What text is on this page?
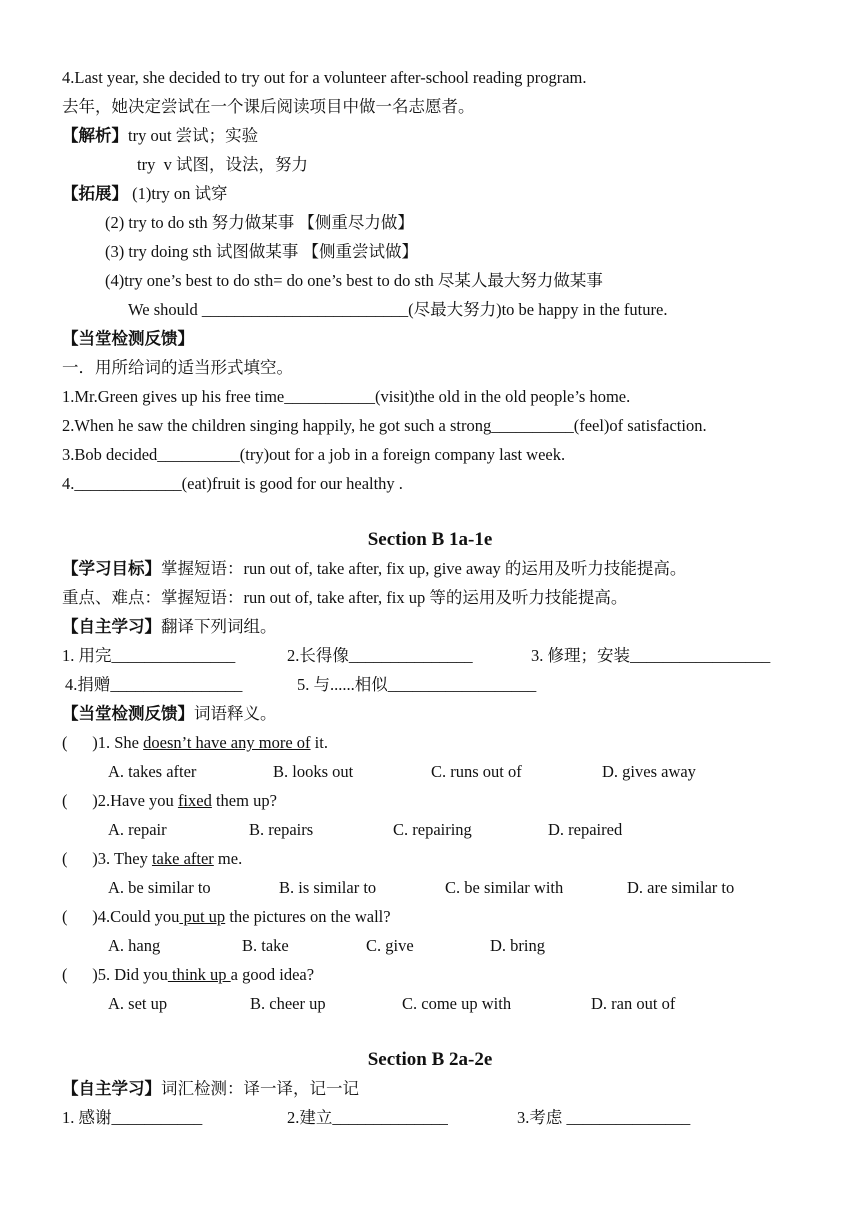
4.Last year, she decided to try out for a volunteer after-school reading program.
去年，她决定尝试在一个课后阅读项目中做一名志愿者。
【解析】try out 尝试；实验
try  v 试图，设法，努力
【拓展】 (1)try on 试穿
(2) try to do sth 努力做某事 【侧重尽力做】
(3) try doing sth 试图做某事 【侧重尝试做】
(4)try one’s best to do sth= do one’s best to do sth 尽某人最大努力做某事
We should _________________________(尽最大努力)to be happy in the future.
【当堂检测反馈】
一．用所给词的适当形式填空。
1.Mr.Green gives up his free time___________(visit)the old in the old people’s home.
2.When he saw the children singing happily, he got such a strong__________(feel)of satisfaction.
3.Bob decided__________(try)out for a job in a foreign company last week.
4._____________(eat)fruit is good for our healthy .
Section B 1a-1e
【学习目标】掌握短语：run out of, take after, fix up, give away 的运用及听力技能提高。
重点、难点：掌握短语：run out of, take after, fix up 等的运用及听力技能提高。
【自主学习】翻译下列词组。
1. 用完_______________	2.长得像_______________	3. 修理；安装_________________
4.捐赠________________	5. 与......相似__________________
【当堂检测反馈】词语释义。
(      )1. She doesn’t have any more of it.
A. takes after	B. looks out	C. runs out of	D. gives away
(      )2.Have you fixed them up?
A. repair	B. repairs	C. repairing	D. repaired
(      )3. They take after me.
A. be similar to	B. is similar to	C. be similar with	D. are similar to
(      )4.Could you put up the pictures on the wall?
A. hang	B. take	C. give	D. bring
(      )5. Did you think up a good idea?
A. set up	B. cheer up	C. come up with	D. ran out of
Section B 2a-2e
【自主学习】词汇检测：译一译，记一记
1. 感谢___________	2.建立______________	3.考虑 _______________
